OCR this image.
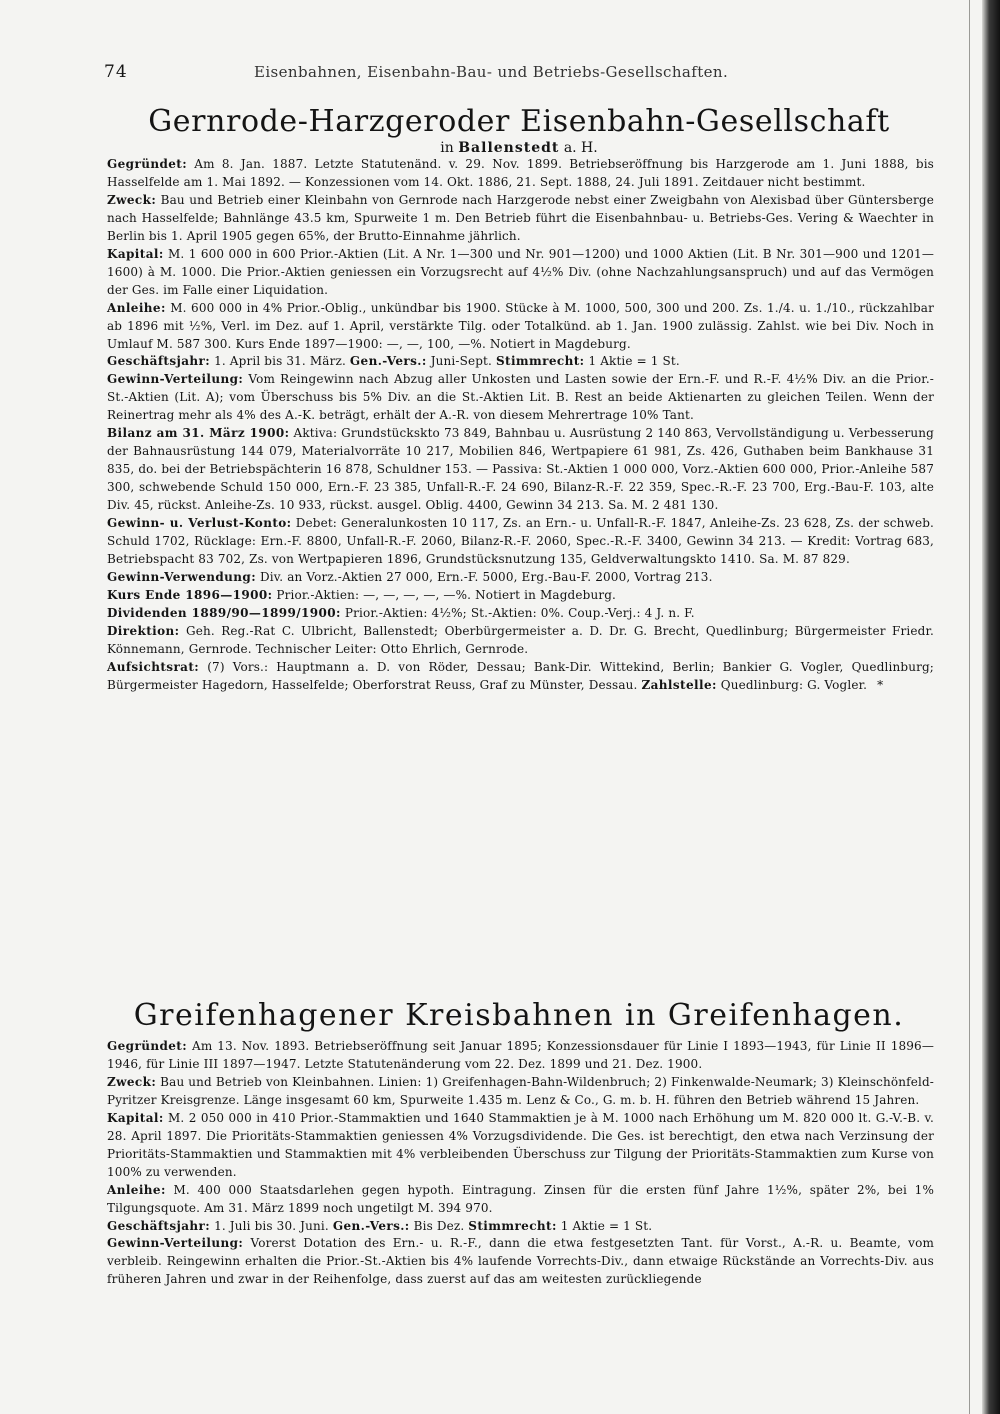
74	Eisenbahnen, Eisenbahn-Bau- und Betriebs-Gesellschaften.
Gernrode-Harzgeroder Eisenbahn-Gesellschaft
in Ballenstedt a. H.

Gegründet: Am 8. Jan. 1887. Letzte Statutenänd. v. 29. Nov. 1899. Betriebseröffnung bis Harzgerode am 1. Juni 1888, bis Hasselfelde am 1. Mai 1892. — Konzessionen vom 14. Okt. 1886, 21. Sept. 1888, 24. Juli 1891. Zeitdauer nicht bestimmt.

Zweck: Bau und Betrieb einer Kleinbahn von Gernrode nach Harzgerode nebst einer Zweigbahn von Alexisbad über Güntersberge nach Hasselfelde; Bahnlänge 43.5 km, Spurweite 1 m. Den Betrieb führt die Eisenbahnbau- u. Betriebs-Ges. Vering & Waechter in Berlin bis 1. April 1905 gegen 65%, der Brutto-Einnahme jährlich.

Kapital: M. 1 600 000 in 600 Prior.-Aktien (Lit. A Nr. 1—300 und Nr. 901—1200) und 1000 Aktien (Lit. B Nr. 301—900 und 1201—1600) à M. 1000. Die Prior.-Aktien geniessen ein Vorzugsrecht auf 4½% Div. (ohne Nachzahlungsanspruch) und auf das Vermögen der Ges. im Falle einer Liquidation.

Anleihe: M. 600 000 in 4% Prior.-Oblig., unkündbar bis 1900. Stücke à M. 1000, 500, 300 und 200. Zs. 1./4. u. 1./10., rückzahlbar ab 1896 mit ½%, Verl. im Dez. auf 1. April, verstärkte Tilg. oder Totalkünd. ab 1. Jan. 1900 zulässig. Zahlst. wie bei Div. Noch in Umlauf M. 587 300. Kurs Ende 1897—1900: —, —, 100, —%. Notiert in Magdeburg.

Geschäftsjahr: 1. April bis 31. März. Gen.-Vers.: Juni-Sept. Stimmrecht: 1 Aktie = 1 St.

Gewinn-Verteilung: Vom Reingewinn nach Abzug aller Unkosten und Lasten sowie der Ern.-F. und R.-F. 4½% Div. an die Prior.-St.-Aktien (Lit. A); vom Überschuss bis 5% Div. an die St.-Aktien Lit. B. Rest an beide Aktienarten zu gleichen Teilen. Wenn der Reinertrag mehr als 4% des A.-K. beträgt, erhält der A.-R. von diesem Mehrertrage 10% Tant.

Bilanz am 31. März 1900: Aktiva: Grundstückskto 73 849, Bahnbau u. Ausrüstung 2 140 863, Vervollständigung u. Verbesserung der Bahnausrüstung 144 079, Materialvorräte 10 217, Mobilien 846, Wertpapiere 61 981, Zs. 426, Guthaben beim Bankhause 31 835, do. bei der Betriebspächterin 16 878, Schuldner 153. — Passiva: St.-Aktien 1 000 000, Vorz.-Aktien 600 000, Prior.-Anleihe 587 300, schwebende Schuld 150 000, Ern.-F. 23 385, Unfall-R.-F. 24 690, Bilanz-R.-F. 22 359, Spec.-R.-F. 23 700, Erg.-Bau-F. 103, alte Div. 45, rückst. Anleihe-Zs. 10 933, rückst. ausgel. Oblig. 4400, Gewinn 34 213. Sa. M. 2 481 130.

Gewinn- u. Verlust-Konto: Debet: Generalunkosten 10 117, Zs. an Ern.- u. Unfall-R.-F. 1847, Anleihe-Zs. 23 628, Zs. der schweb. Schuld 1702, Rücklage: Ern.-F. 8800, Unfall-R.-F. 2060, Bilanz-R.-F. 2060, Spec.-R.-F. 3400, Gewinn 34 213. — Kredit: Vortrag 683, Betriebspacht 83 702, Zs. von Wertpapieren 1896, Grundstücksnutzung 135, Geldverwaltungskto 1410. Sa. M. 87 829.

Gewinn-Verwendung: Div. an Vorz.-Aktien 27 000, Ern.-F. 5000, Erg.-Bau-F. 2000, Vortrag 213.

Kurs Ende 1896—1900: Prior.-Aktien: —, —, —, —, —%. Notiert in Magdeburg.

Dividenden 1889/90—1899/1900: Prior.-Aktien: 4½%; St.-Aktien: 0%. Coup.-Verj.: 4 J. n. F.

Direktion: Geh. Reg.-Rat C. Ulbricht, Ballenstedt; Oberbürgermeister a. D. Dr. G. Brecht, Quedlinburg; Bürgermeister Friedr. Könnemann, Gernrode. Technischer Leiter: Otto Ehrlich, Gernrode.

Aufsichtsrat: (7) Vors.: Hauptmann a. D. von Röder, Dessau; Bank-Dir. Wittekind, Berlin; Bankier G. Vogler, Quedlinburg; Bürgermeister Hagedorn, Hasselfelde; Oberforstrat Reuss, Graf zu Münster, Dessau. Zahlstelle: Quedlinburg: G. Vogler. *

Greifenhagener Kreisbahnen in Greifenhagen.

Gegründet: Am 13. Nov. 1893. Betriebseröffnung seit Januar 1895; Konzessionsdauer für Linie I 1893—1943, für Linie II 1896—1946, für Linie III 1897—1947. Letzte Statutenänderung vom 22. Dez. 1899 und 21. Dez. 1900.

Zweck: Bau und Betrieb von Kleinbahnen. Linien: 1) Greifenhagen-Bahn-Wildenbruch; 2) Finkenwalde-Neumark; 3) Kleinschönfeld-Pyritzer Kreisgrenze. Länge insgesamt 60 km, Spurweite 1.435 m. Lenz & Co., G. m. b. H. führen den Betrieb während 15 Jahren.

Kapital: M. 2 050 000 in 410 Prior.-Stammaktien und 1640 Stammaktien je à M. 1000 nach Erhöhung um M. 820 000 lt. G.-V.-B. v. 28. April 1897. Die Prioritäts-Stammaktien geniessen 4% Vorzugsdividende. Die Ges. ist berechtigt, den etwa nach Verzinsung der Prioritäts-Stammaktien und Stammaktien mit 4% verbleibenden Überschuss zur Tilgung der Prioritäts-Stammaktien zum Kurse von 100% zu verwenden.

Anleihe: M. 400 000 Staatsdarlehen gegen hypoth. Eintragung. Zinsen für die ersten fünf Jahre 1½%, später 2%, bei 1% Tilgungsquote. Am 31. März 1899 noch ungetilgt M. 394 970.

Geschäftsjahr: 1. Juli bis 30. Juni. Gen.-Vers.: Bis Dez. Stimmrecht: 1 Aktie = 1 St.

Gewinn-Verteilung: Vorerst Dotation des Ern.- u. R.-F., dann die etwa festgesetzten Tant. für Vorst., A.-R. u. Beamte, vom verbleib. Reingewinn erhalten die Prior.-St.-Aktien bis 4% laufende Vorrechts-Div., dann etwaige Rückstände an Vorrechts-Div. aus früheren Jahren und zwar in der Reihenfolge, dass zuerst auf das am weitesten zurückliegende
